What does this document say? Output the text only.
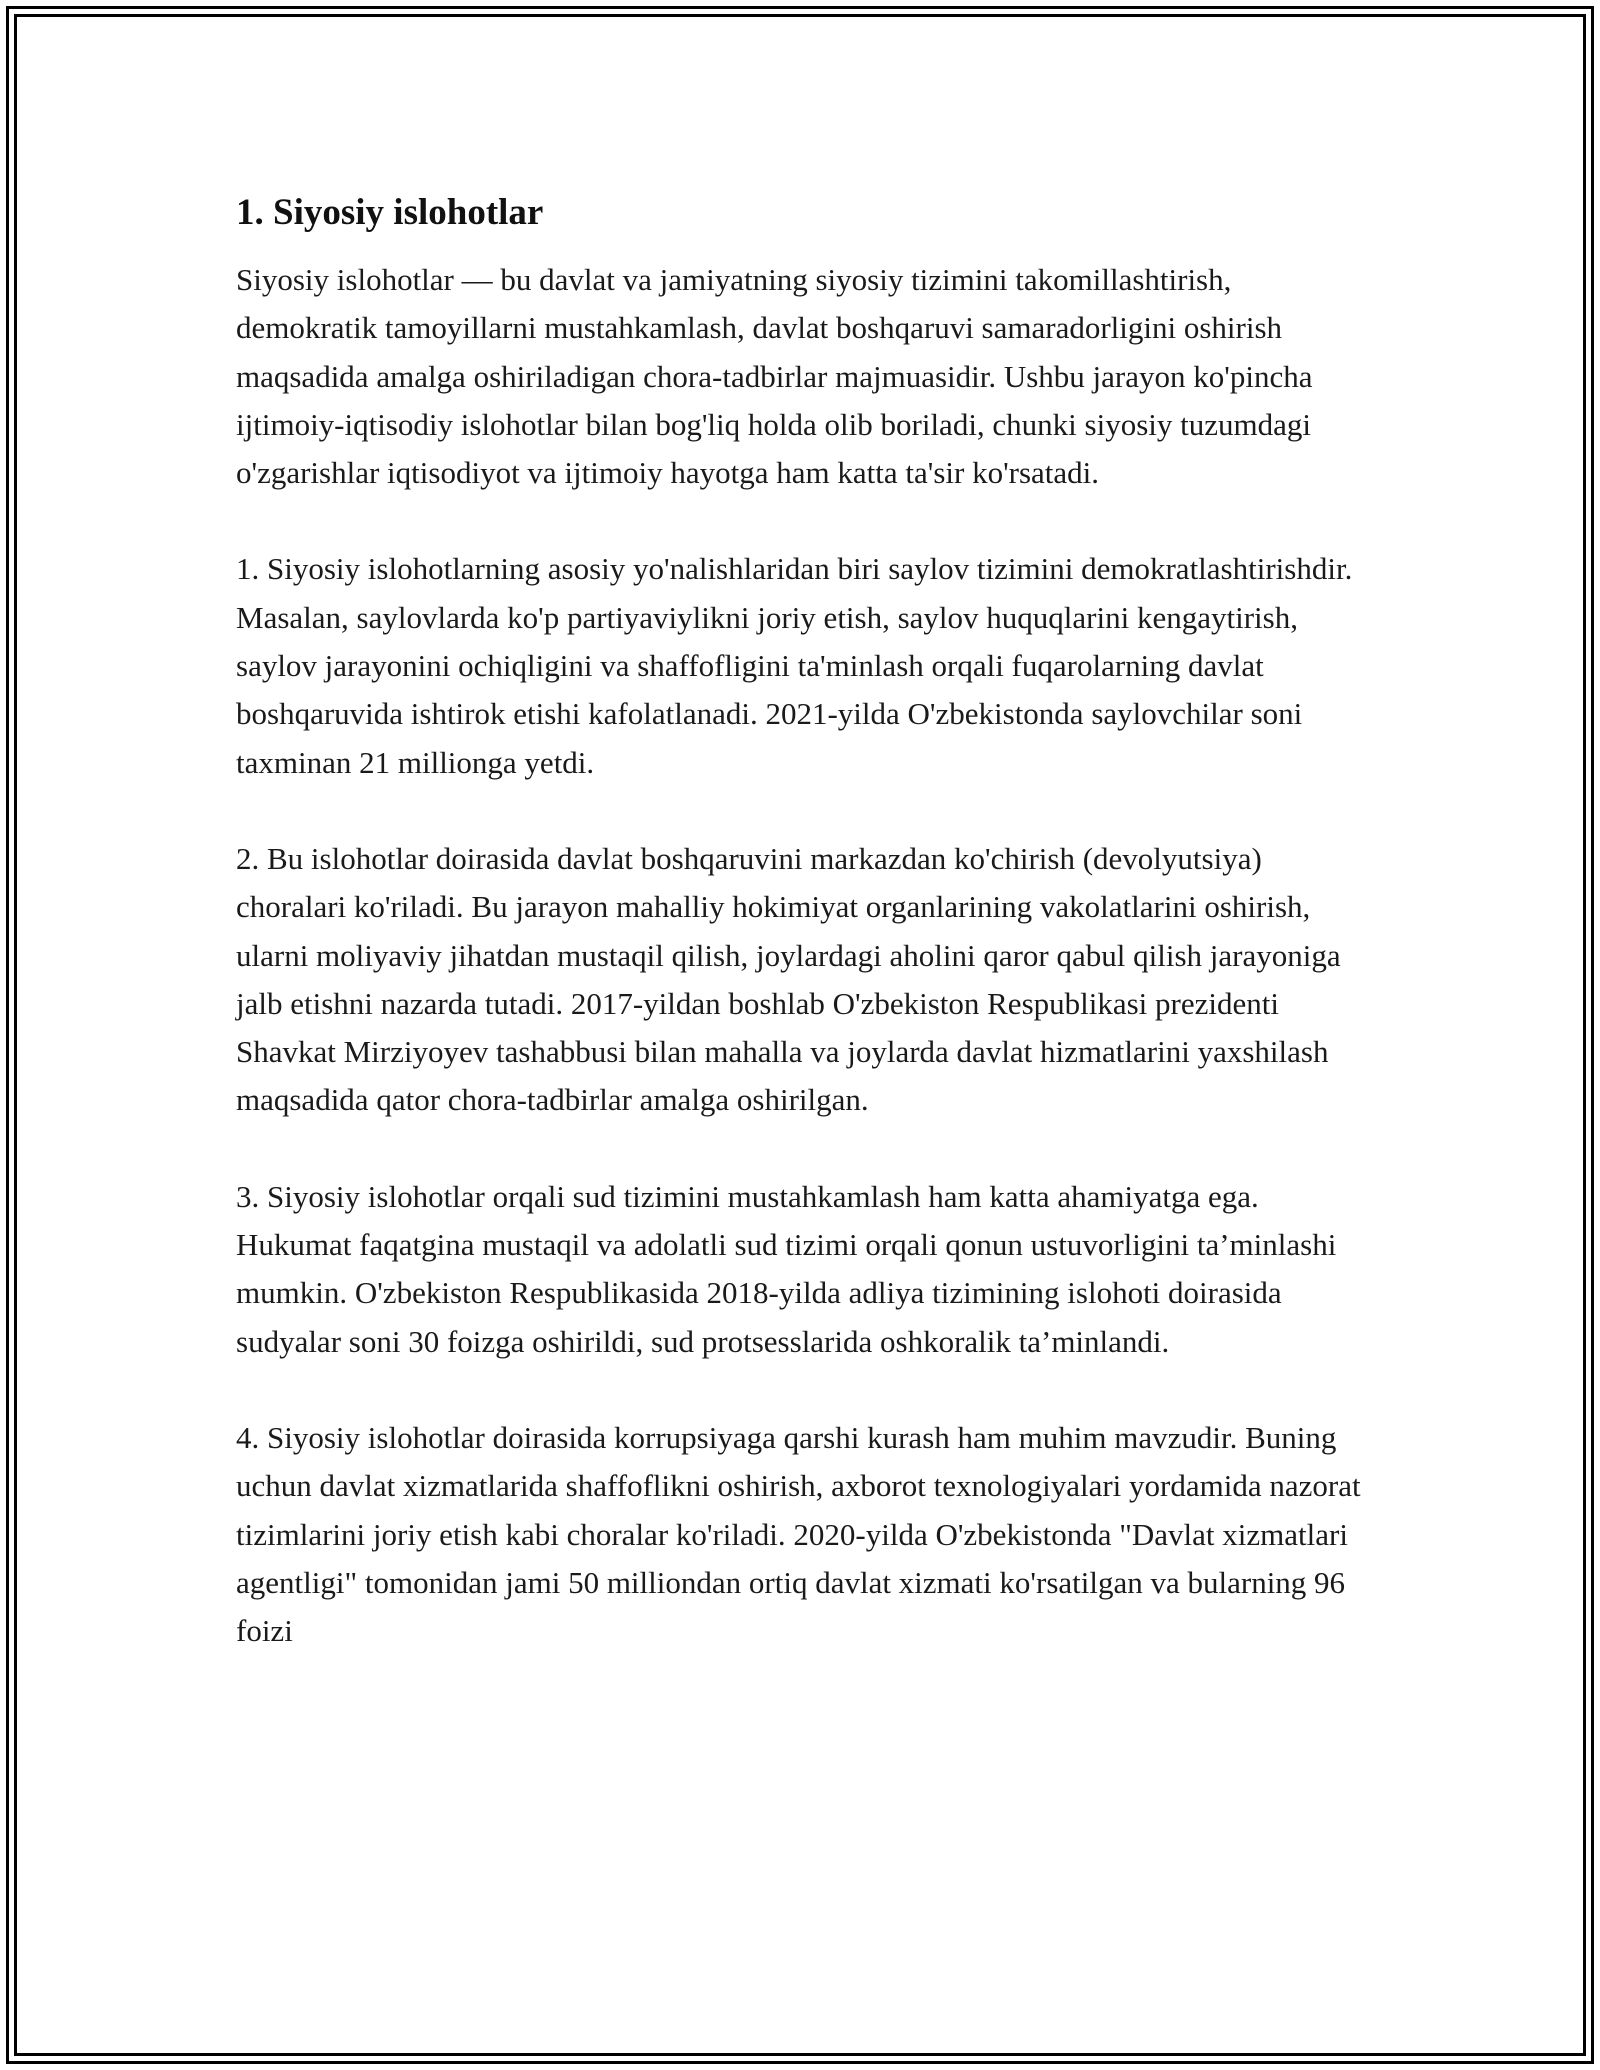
1. Siyosiy islohotlar

Siyosiy islohotlar — bu davlat va jamiyatning siyosiy tizimini takomillashtirish, demokratik tamoyillarni mustahkamlash, davlat boshqaruvi samaradorligini oshirish maqsadida amalga oshiriladigan chora-tadbirlar majmuasidir. Ushbu jarayon ko'pincha ijtimoiy-iqtisodiy islohotlar bilan bog'liq holda olib boriladi, chunki siyosiy tuzumdagi o'zgarishlar iqtisodiyot va ijtimoiy hayotga ham katta ta'sir ko'rsatadi.

1. Siyosiy islohotlarning asosiy yo'nalishlaridan biri saylov tizimini demokratlashtirishdir. Masalan, saylovlarda ko'p partiyaviylikni joriy etish, saylov huquqlarini kengaytirish, saylov jarayonini ochiqligini va shaffofligini ta'minlash orqali fuqarolarning davlat boshqaruvida ishtirok etishi kafolatlanadi. 2021-yilda O'zbekistonda saylovchilar soni taxminan 21 millionga yetdi.

2. Bu islohotlar doirasida davlat boshqaruvini markazdan ko'chirish (devolyutsiya) choralari ko'riladi. Bu jarayon mahalliy hokimiyat organlarining vakolatlarini oshirish, ularni moliyaviy jihatdan mustaqil qilish, joylardagi aholini qaror qabul qilish jarayoniga jalb etishni nazarda tutadi. 2017-yildan boshlab O'zbekiston Respublikasi prezidenti Shavkat Mirziyoyev tashabbusi bilan mahalla va joylarda davlat hizmatlarini yaxshilash maqsadida qator chora-tadbirlar amalga oshirilgan.

3. Siyosiy islohotlar orqali sud tizimini mustahkamlash ham katta ahamiyatga ega. Hukumat faqatgina mustaqil va adolatli sud tizimi orqali qonun ustuvorligini ta’minlashi mumkin. O'zbekiston Respublikasida 2018-yilda adliya tizimining islohoti doirasida sudyalar soni 30 foizga oshirildi, sud protsesslarida oshkoralik ta’minlandi.

4. Siyosiy islohotlar doirasida korrupsiyaga qarshi kurash ham muhim mavzudir. Buning uchun davlat xizmatlarida shaffoflikni oshirish, axborot texnologiyalari yordamida nazorat tizimlarini joriy etish kabi choralar ko'riladi. 2020-yilda O'zbekistonda "Davlat xizmatlari agentligi" tomonidan jami 50 milliondan ortiq davlat xizmati ko'rsatilgan va bularning 96 foizi
